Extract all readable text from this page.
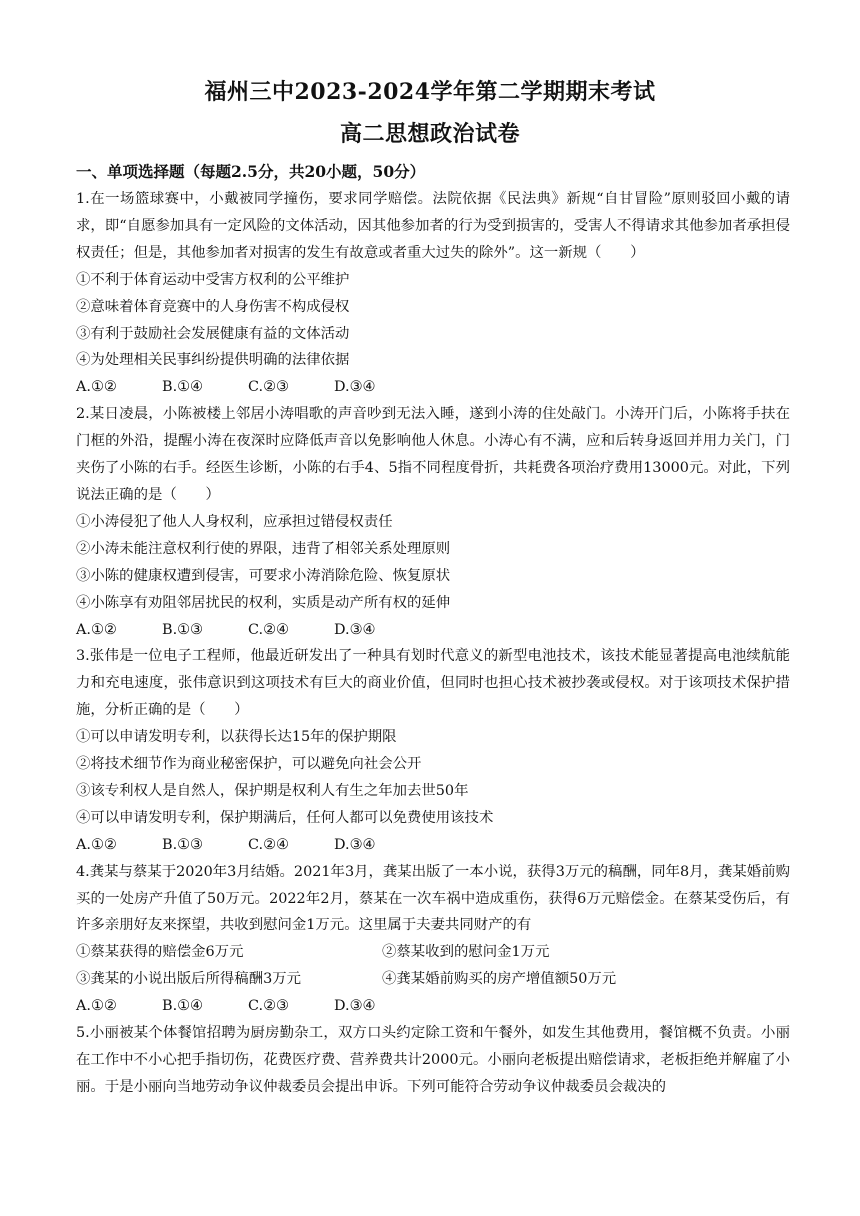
福州三中2023-2024学年第二学期期末考试
高二思想政治试卷
一、单项选择题（每题2.5分，共20小题，50分）

1.在一场篮球赛中，小戴被同学撞伤，要求同学赔偿。法院依据《民法典》新规“自甘冒险”原则驳回小戴的请求，即“自愿参加具有一定风险的文体活动，因其他参加者的行为受到损害的，受害人不得请求其他参加者承担侵权责任；但是，其他参加者对损害的发生有故意或者重大过失的除外”。这一新规（　　）

①不利于体育运动中受害方权利的公平维护

②意味着体育竞赛中的人身伤害不构成侵权

③有利于鼓励社会发展健康有益的文体活动

④为处理相关民事纠纷提供明确的法律依据

A.①②	B.①④	C.②③	D.③④

2.某日凌晨，小陈被楼上邻居小涛唱歌的声音吵到无法入睡，遂到小涛的住处敲门。小涛开门后，小陈将手扶在门框的外沿，提醒小涛在夜深时应降低声音以免影响他人休息。小涛心有不满，应和后转身返回并用力关门，门夹伤了小陈的右手。经医生诊断，小陈的右手4、5指不同程度骨折，共耗费各项治疗费用13000元。对此，下列说法正确的是（　　）

①小涛侵犯了他人人身权利，应承担过错侵权责任

②小涛未能注意权利行使的界限，违背了相邻关系处理原则

③小陈的健康权遭到侵害，可要求小涛消除危险、恢复原状

④小陈享有劝阻邻居扰民的权利，实质是动产所有权的延伸

A.①②	B.①③	C.②④	D.③④

3.张伟是一位电子工程师，他最近研发出了一种具有划时代意义的新型电池技术，该技术能显著提高电池续航能力和充电速度，张伟意识到这项技术有巨大的商业价值，但同时也担心技术被抄袭或侵权。对于该项技术保护措施，分析正确的是（　　）

①可以申请发明专利，以获得长达15年的保护期限

②将技术细节作为商业秘密保护，可以避免向社会公开

③该专利权人是自然人，保护期是权利人有生之年加去世50年

④可以申请发明专利，保护期满后，任何人都可以免费使用该技术

A.①②	B.①③	C.②④	D.③④

4.龚某与蔡某于2020年3月结婚。2021年3月，龚某出版了一本小说，获得3万元的稿酬，同年8月，龚某婚前购买的一处房产升值了50万元。2022年2月，蔡某在一次车祸中造成重伤，获得6万元赔偿金。在蔡某受伤后，有许多亲朋好友来探望，共收到慰问金1万元。这里属于夫妻共同财产的有

①蔡某获得的赔偿金6万元	②蔡某收到的慰问金1万元
③龚某的小说出版后所得稿酬3万元	④龚某婚前购买的房产增值额50万元
A.①②	B.①④	C.②③	D.③④

5.小丽被某个体餐馆招聘为厨房勤杂工，双方口头约定除工资和午餐外，如发生其他费用，餐馆概不负责。小丽在工作中不小心把手指切伤，花费医疗费、营养费共计2000元。小丽向老板提出赔偿请求，老板拒绝并解雇了小丽。于是小丽向当地劳动争议仲裁委员会提出申诉。下列可能符合劳动争议仲裁委员会裁决的
